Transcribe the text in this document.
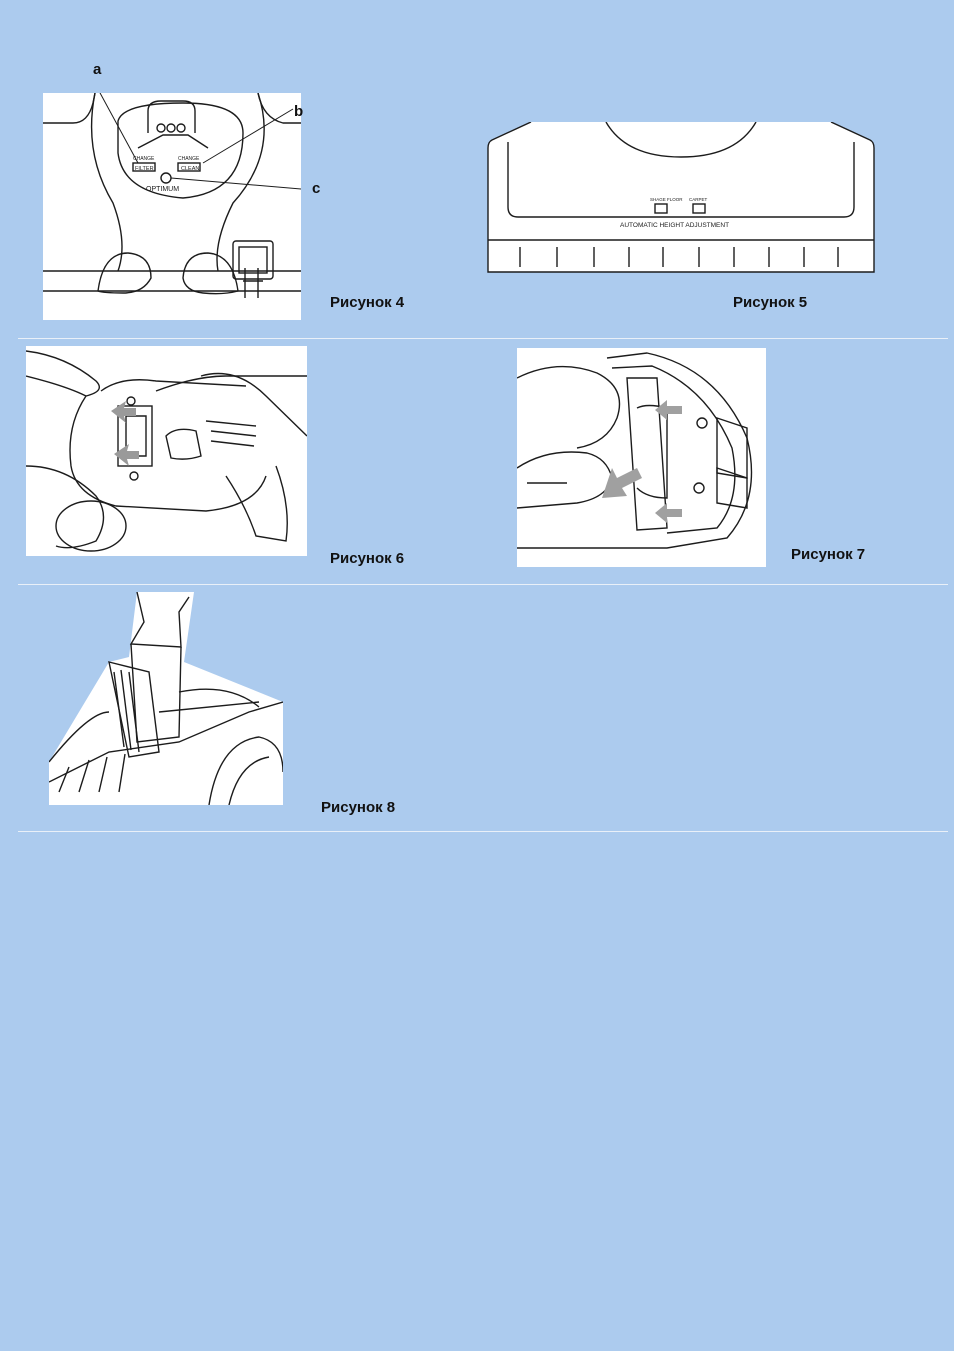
CHANGE
FILTER
CHANGE
CLEAN
OPTIMUM
a
b
c
Рисунок 4
SHAGE FLOOR CARPET
AUTOMATIC HEIGHT ADJUSTMENT
Рисунок 5
Рисунок 6	Рисунок 7
Рисунок 8
